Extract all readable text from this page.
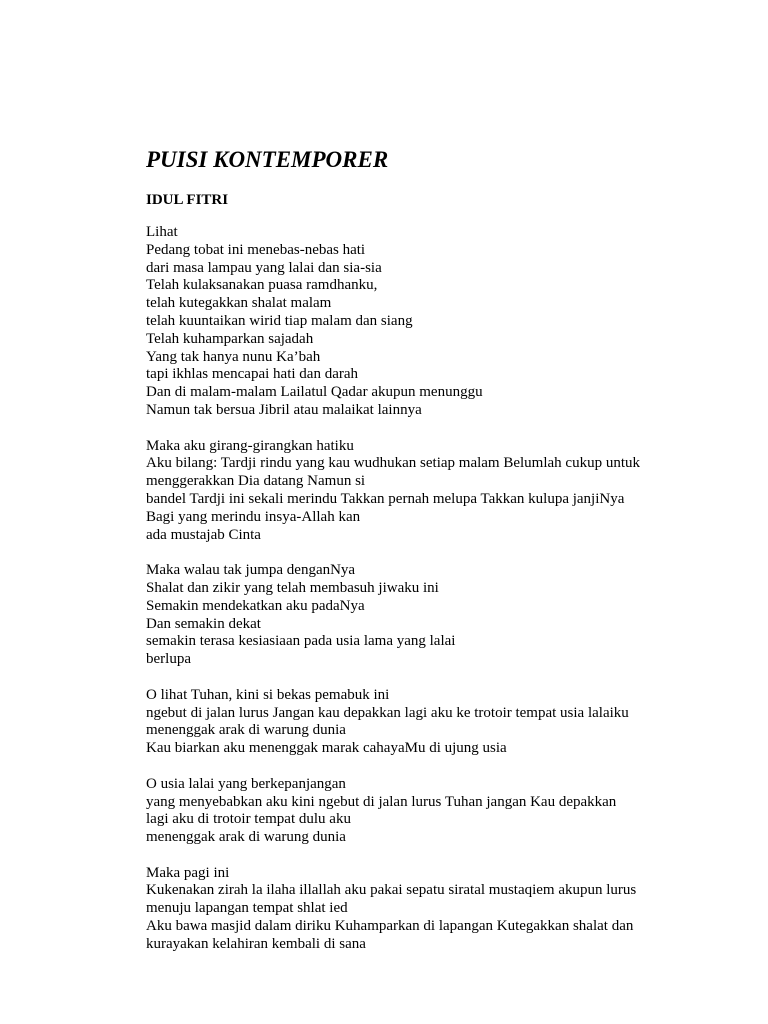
PUISI KONTEMPORER
IDUL FITRI
Lihat
Pedang tobat ini menebas-nebas hati
dari masa lampau yang lalai dan sia-sia
Telah kulaksanakan puasa ramdhanku,
telah kutegakkan shalat malam
telah kuuntaikan wirid tiap malam dan siang
Telah kuhamparkan sajadah
Yang tak hanya nunu Ka’bah
tapi ikhlas mencapai hati dan darah
Dan di malam-malam Lailatul Qadar akupun menunggu
Namun tak bersua Jibril atau malaikat lainnya
Maka aku girang-girangkan hatiku
Aku bilang: Tardji rindu yang kau wudhukan setiap malam Belumlah cukup untuk
menggerakkan Dia datang Namun si
bandel Tardji ini sekali merindu Takkan pernah melupa Takkan kulupa janjiNya
Bagi yang merindu insya-Allah kan
ada mustajab Cinta
Maka walau tak jumpa denganNya
Shalat dan zikir yang telah membasuh jiwaku ini
Semakin mendekatkan aku padaNya
Dan semakin dekat
semakin terasa kesiasiaan pada usia lama yang lalai
berlupa
O lihat Tuhan, kini si bekas pemabuk ini
ngebut di jalan lurus Jangan kau depakkan lagi aku ke trotoir tempat usia lalaiku
menenggak arak di warung dunia
Kau biarkan aku menenggak marak cahayaMu di ujung usia
O usia lalai yang berkepanjangan
yang menyebabkan aku kini ngebut di jalan lurus Tuhan jangan Kau depakkan
lagi aku di trotoir tempat dulu aku
menenggak arak di warung dunia
Maka pagi ini
Kukenakan zirah la ilaha illallah aku pakai sepatu siratal mustaqiem akupun lurus
menuju lapangan tempat shlat ied
Aku bawa masjid dalam diriku Kuhamparkan di lapangan Kutegakkan shalat dan
kurayakan kelahiran kembali di sana
